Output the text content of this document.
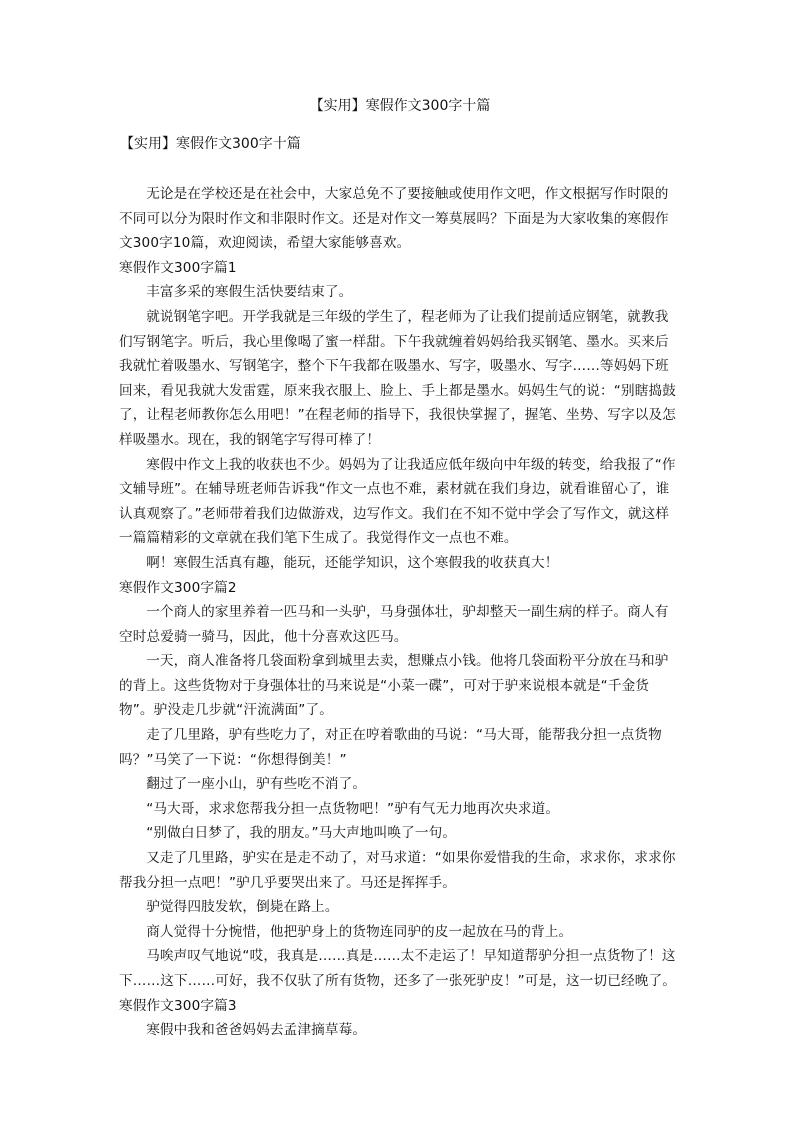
【实用】寒假作文300字十篇
【实用】寒假作文300字十篇

无论是在学校还是在社会中，大家总免不了要接触或使用作文吧，作文根据写作时限的不同可以分为限时作文和非限时作文。还是对作文一筹莫展吗？下面是为大家收集的寒假作文300字10篇，欢迎阅读，希望大家能够喜欢。

寒假作文300字篇1

丰富多采的寒假生活快要结束了。

就说钢笔字吧。开学我就是三年级的学生了，程老师为了让我们提前适应钢笔，就教我们写钢笔字。听后，我心里像喝了蜜一样甜。下午我就缠着妈妈给我买钢笔、墨水。买来后我就忙着吸墨水、写钢笔字，整个下午我都在吸墨水、写字，吸墨水、写字……等妈妈下班回来，看见我就大发雷霆，原来我衣服上、脸上、手上都是墨水。妈妈生气的说：“别瞎捣鼓了，让程老师教你怎么用吧！”在程老师的指导下，我很快掌握了，握笔、坐势、写字以及怎样吸墨水。现在，我的钢笔字写得可棒了！

寒假中作文上我的收获也不少。妈妈为了让我适应低年级向中年级的转变，给我报了“作文辅导班”。在辅导班老师告诉我“作文一点也不难，素材就在我们身边，就看谁留心了，谁认真观察了。”老师带着我们边做游戏，边写作文。我们在不知不觉中学会了写作文，就这样一篇篇精彩的文章就在我们笔下生成了。我觉得作文一点也不难。

啊！寒假生活真有趣，能玩，还能学知识，这个寒假我的收获真大！

寒假作文300字篇2

一个商人的家里养着一匹马和一头驴，马身强体壮，驴却整天一副生病的样子。商人有空时总爱骑一骑马，因此，他十分喜欢这匹马。

一天，商人准备将几袋面粉拿到城里去卖，想赚点小钱。他将几袋面粉平分放在马和驴的背上。这些货物对于身强体壮的马来说是“小菜一碟”，可对于驴来说根本就是“千金货物”。驴没走几步就“汗流满面”了。

走了几里路，驴有些吃力了，对正在哼着歌曲的马说：“马大哥，能帮我分担一点货物吗？”马笑了一下说：“你想得倒美！”

翻过了一座小山，驴有些吃不消了。

“马大哥，求求您帮我分担一点货物吧！”驴有气无力地再次央求道。

“别做白日梦了，我的朋友。”马大声地叫唤了一句。

又走了几里路，驴实在是走不动了，对马求道：“如果你爱惜我的生命，求求你，求求你帮我分担一点吧！”驴几乎要哭出来了。马还是挥挥手。

驴觉得四肢发软，倒毙在路上。

商人觉得十分惋惜，他把驴身上的货物连同驴的皮一起放在马的背上。

马唉声叹气地说“哎，我真是……真是……太不走运了！早知道帮驴分担一点货物了！这下……这下……可好，我不仅驮了所有货物，还多了一张死驴皮！”可是，这一切已经晚了。

寒假作文300字篇3

寒假中我和爸爸妈妈去孟津摘草莓。
